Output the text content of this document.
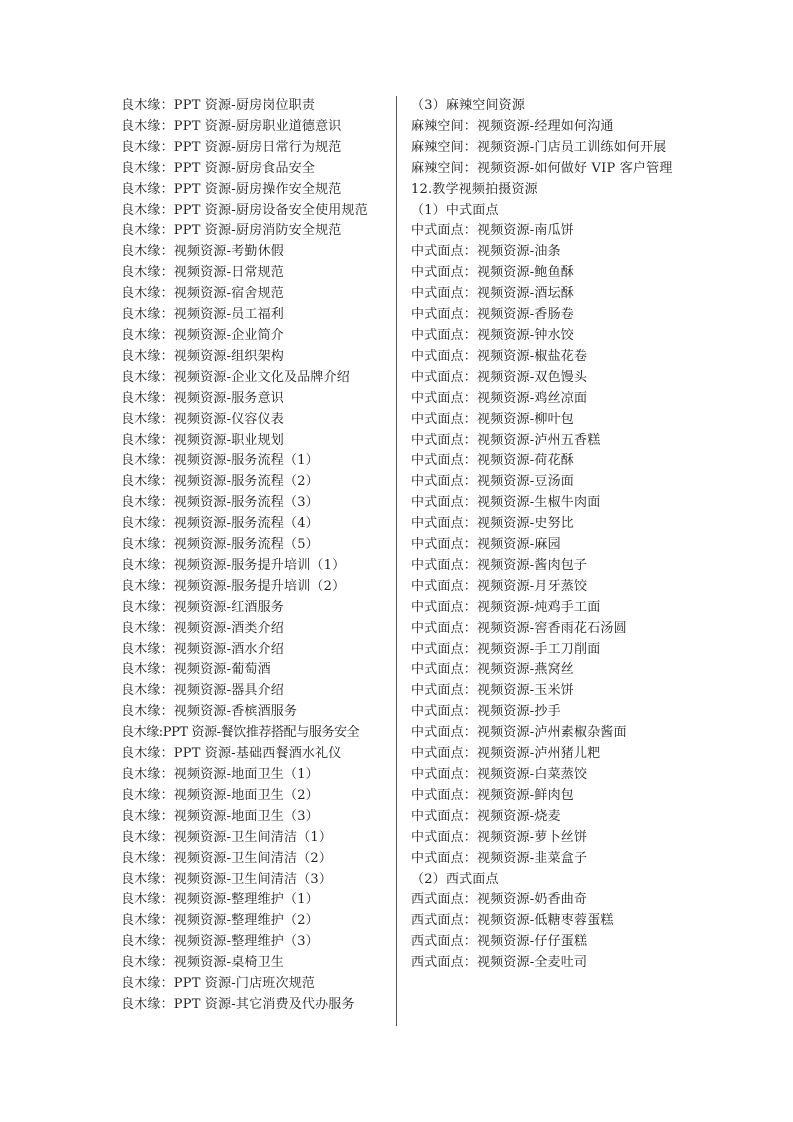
良木缘：PPT 资源-厨房岗位职责
良木缘：PPT 资源-厨房职业道德意识
良木缘：PPT 资源-厨房日常行为规范
良木缘：PPT 资源-厨房食品安全
良木缘：PPT 资源-厨房操作安全规范
良木缘：PPT 资源-厨房设备安全使用规范
良木缘：PPT 资源-厨房消防安全规范
良木缘：视频资源-考勤休假
良木缘：视频资源-日常规范
良木缘：视频资源-宿舍规范
良木缘：视频资源-员工福利
良木缘：视频资源-企业简介
良木缘：视频资源-组织架构
良木缘：视频资源-企业文化及品牌介绍
良木缘：视频资源-服务意识
良木缘：视频资源-仪容仪表
良木缘：视频资源-职业规划
良木缘：视频资源-服务流程（1）
良木缘：视频资源-服务流程（2）
良木缘：视频资源-服务流程（3）
良木缘：视频资源-服务流程（4）
良木缘：视频资源-服务流程（5）
良木缘：视频资源-服务提升培训（1）
良木缘：视频资源-服务提升培训（2）
良木缘：视频资源-红酒服务
良木缘：视频资源-酒类介绍
良木缘：视频资源-酒水介绍
良木缘：视频资源-葡萄酒
良木缘：视频资源-器具介绍
良木缘：视频资源-香槟酒服务
良木缘:PPT 资源-餐饮推荐搭配与服务安全
良木缘：PPT 资源-基础西餐酒水礼仪
良木缘：视频资源-地面卫生（1）
良木缘：视频资源-地面卫生（2）
良木缘：视频资源-地面卫生（3）
良木缘：视频资源-卫生间清洁（1）
良木缘：视频资源-卫生间清洁（2）
良木缘：视频资源-卫生间清洁（3）
良木缘：视频资源-整理维护（1）
良木缘：视频资源-整理维护（2）
良木缘：视频资源-整理维护（3）
良木缘：视频资源-桌椅卫生
良木缘：PPT 资源-门店班次规范
良木缘：PPT 资源-其它消费及代办服务
（3）麻辣空间资源
麻辣空间：视频资源-经理如何沟通
麻辣空间：视频资源-门店员工训练如何开展
麻辣空间：视频资源-如何做好 VIP 客户管理
12.教学视频拍摄资源
（1）中式面点
中式面点：视频资源-南瓜饼
中式面点：视频资源-油条
中式面点：视频资源-鲍鱼酥
中式面点：视频资源-酒坛酥
中式面点：视频资源-香肠卷
中式面点：视频资源-钟水饺
中式面点：视频资源-椒盐花卷
中式面点：视频资源-双色馒头
中式面点：视频资源-鸡丝凉面
中式面点：视频资源-柳叶包
中式面点：视频资源-泸州五香糕
中式面点：视频资源-荷花酥
中式面点：视频资源-豆汤面
中式面点：视频资源-生椒牛肉面
中式面点：视频资源-史努比
中式面点：视频资源-麻园
中式面点：视频资源-酱肉包子
中式面点：视频资源-月牙蒸饺
中式面点：视频资源-炖鸡手工面
中式面点：视频资源-窖香雨花石汤圆
中式面点：视频资源-手工刀削面
中式面点：视频资源-燕窝丝
中式面点：视频资源-玉米饼
中式面点：视频资源-抄手
中式面点：视频资源-泸州素椒杂酱面
中式面点：视频资源-泸州猪儿粑
中式面点：视频资源-白菜蒸饺
中式面点：视频资源-鲜肉包
中式面点：视频资源-烧麦
中式面点：视频资源-萝卜丝饼
中式面点：视频资源-韭菜盒子
（2）西式面点
西式面点：视频资源-奶香曲奇
西式面点：视频资源-低糖枣蓉蛋糕
西式面点：视频资源-仔仔蛋糕
西式面点：视频资源-全麦吐司
